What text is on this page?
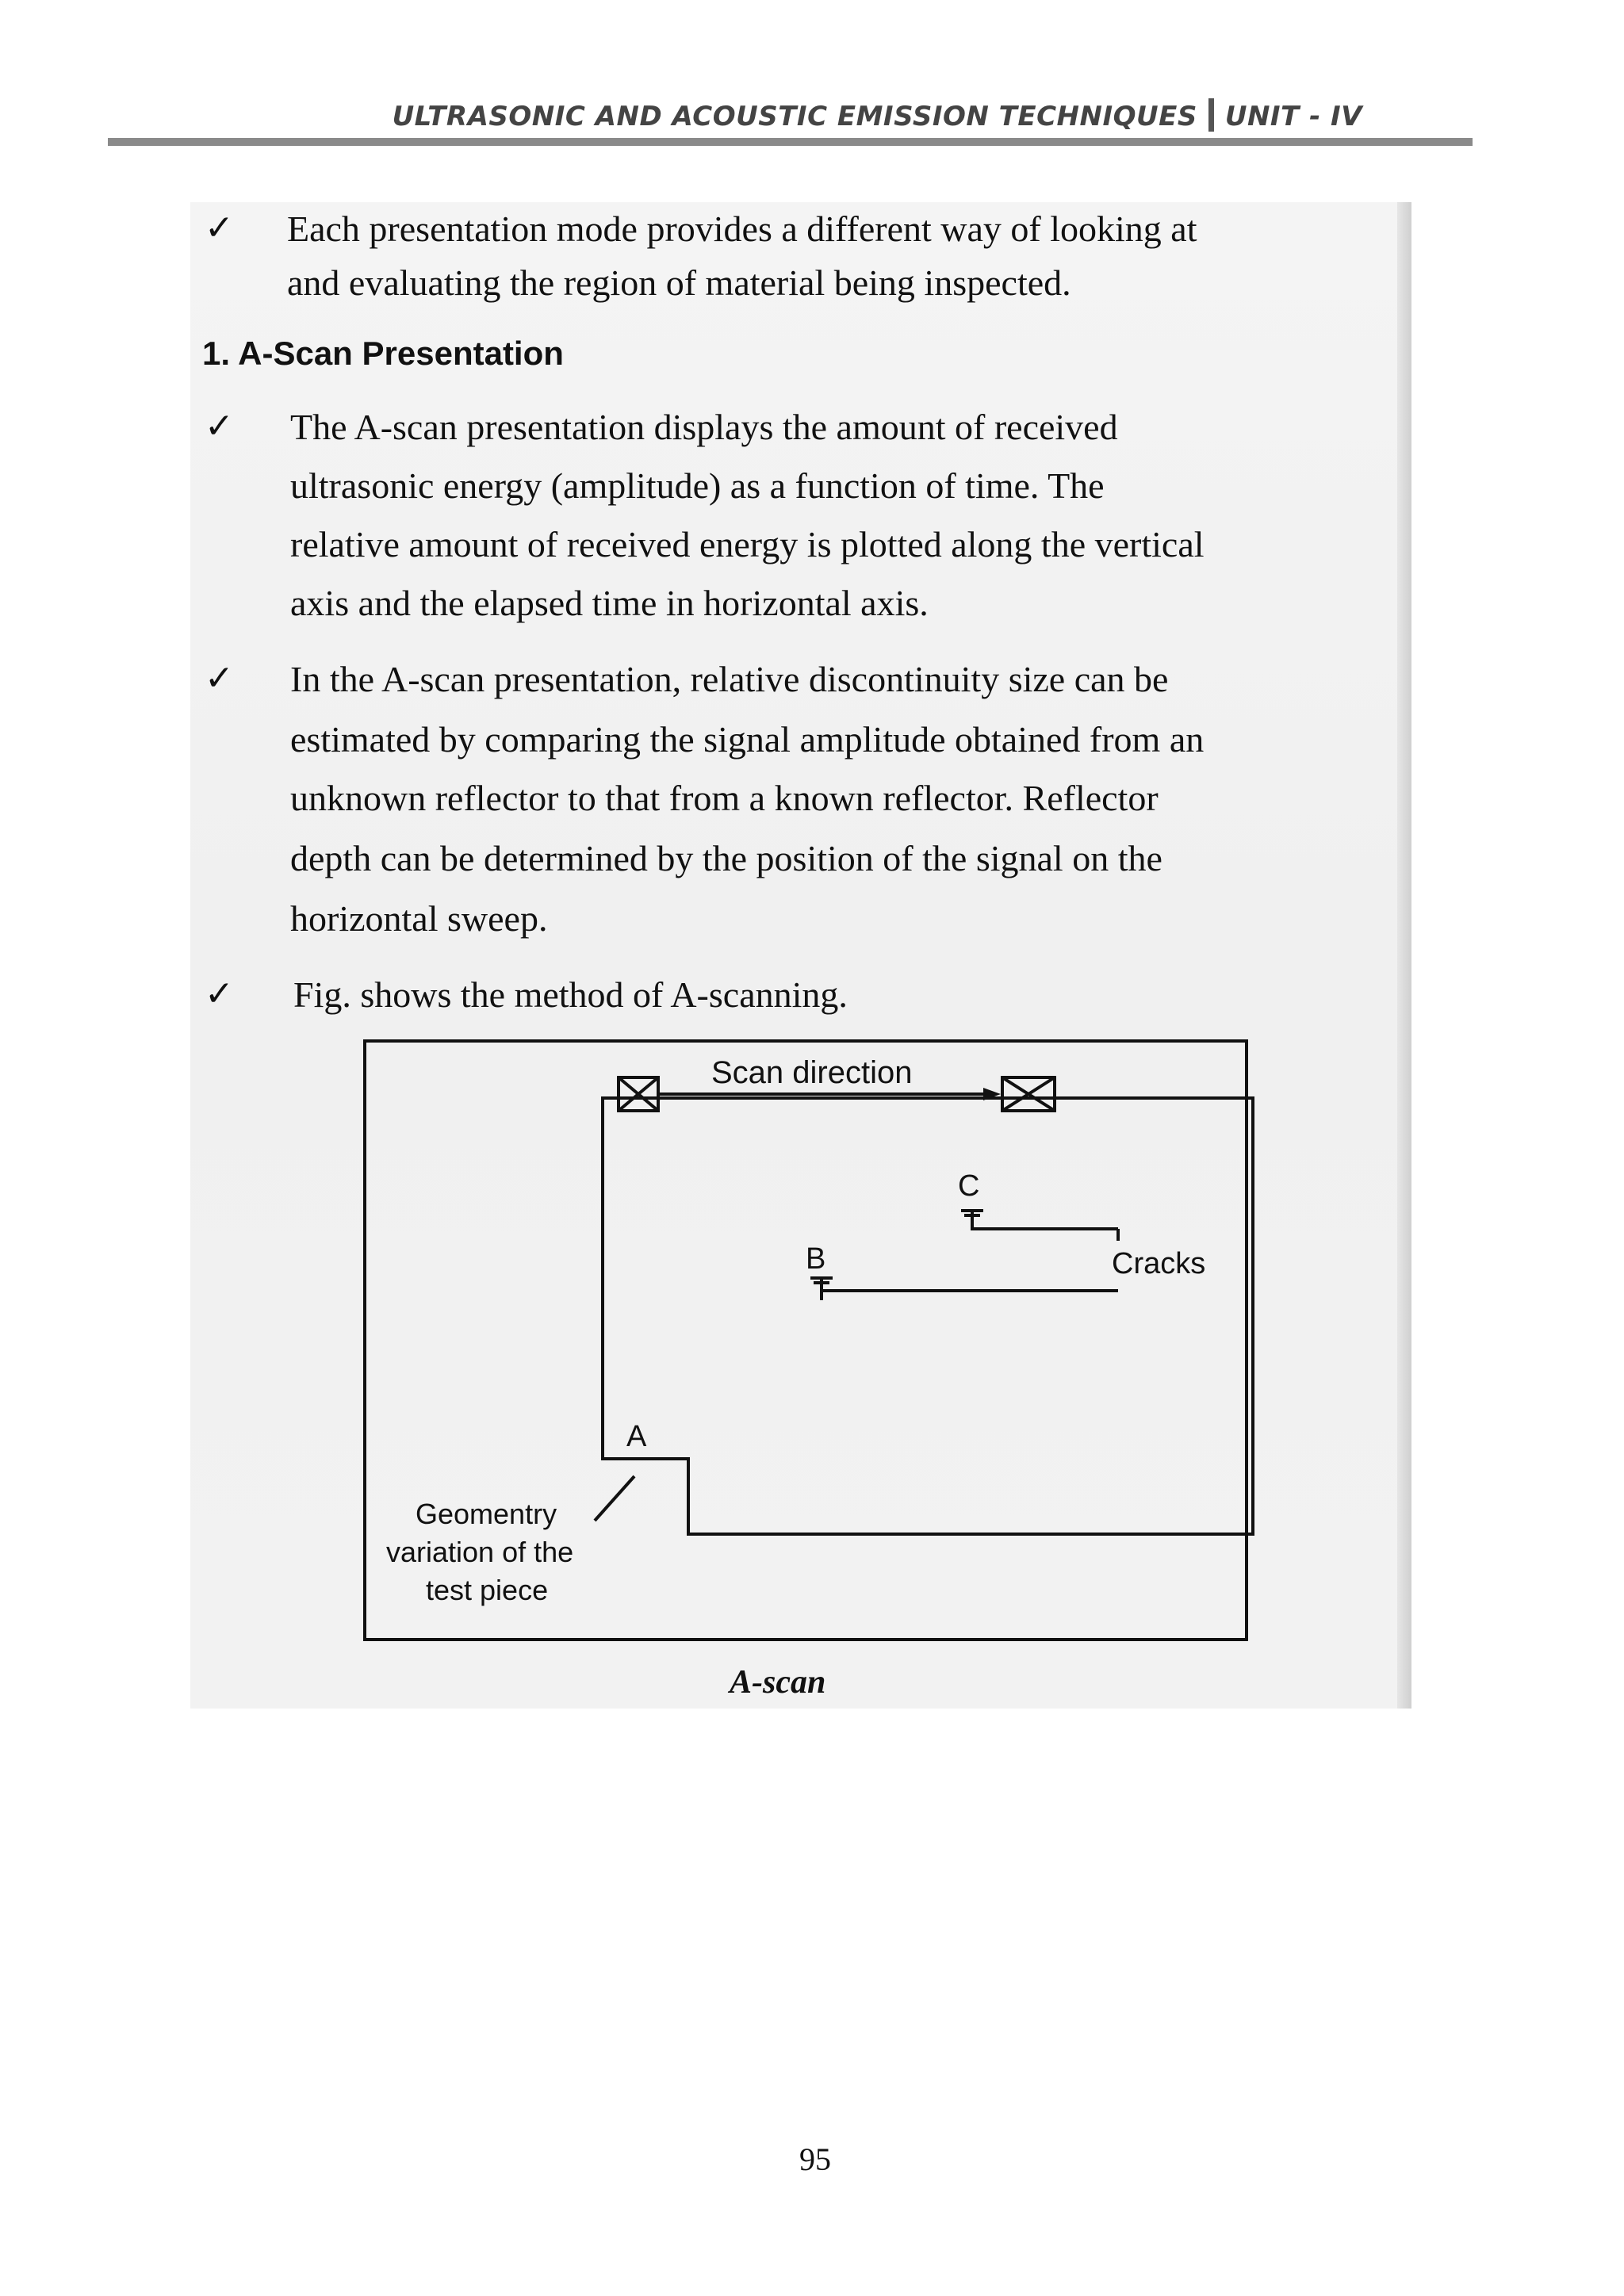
ULTRASONIC AND ACOUSTIC EMISSION TECHNIQUES UNIT - IV
✓ Each presentation mode provides a different way of looking at
and evaluating the region of material being inspected.
1. A-Scan Presentation
✓ The A-scan presentation displays the amount of received
ultrasonic energy (amplitude) as a function of time. The
relative amount of received energy is plotted along the vertical
axis and the elapsed time in horizontal axis.
✓ In the A-scan presentation, relative discontinuity size can be
estimated by comparing the signal amplitude obtained from an
unknown reflector to that from a known reflector. Reflector
depth can be determined by the position of the signal on the
horizontal sweep.
✓ Fig. shows the method of A-scanning.
Scan direction
A
B
C
Cracks
Geomentry
variation of the
test piece
A-scan
95
